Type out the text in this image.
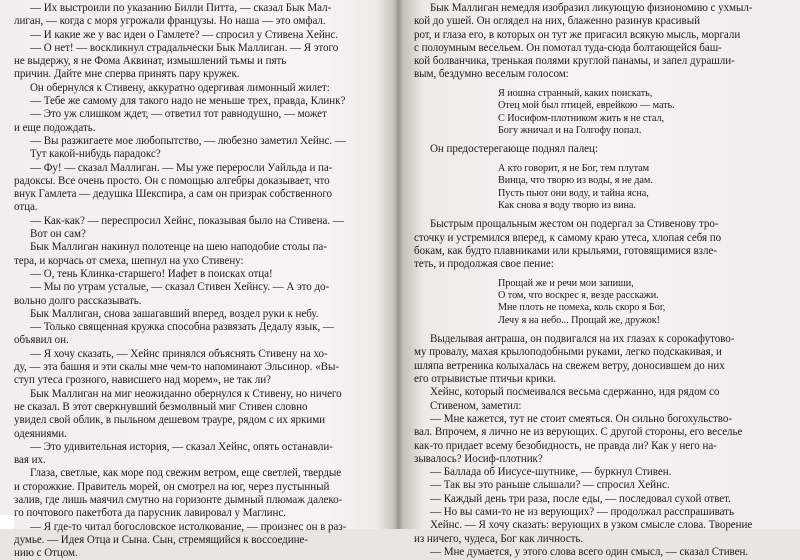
— Их выстроили по указанию Билли Питта, — сказал Бык Мал-
лиган, — когда с моря угрожали французы. Но наша — это омфал.
— И какие же у вас идеи о Гамлете? — спросил у Стивена Хейнс.
— О нет! — воскликнул страдальчески Бык Маллиган. — Я этого
не выдержу, я не Фома Аквинат, измышлений тьмы и пять
причин. Дайте мне сперва принять пару кружек.
Он обернулся к Стивену, аккуратно одергивая лимонный жилет:
— Тебе же самому для такого надо не меньше трех, правда, Клинк?
— Это уж слишком ждет, — ответил тот равнодушно, — может
и еще подождать.
— Вы разжигаете мое любопытство, — любезно заметил Хейнс. —
Тут какой-нибудь парадокс?
— Фу! — сказал Маллиган. — Мы уже переросли Уайльда и па-
радоксы. Все очень просто. Он с помощью алгебры доказывает, что
внук Гамлета — дедушка Шекспира, а сам он призрак собственного
отца.
— Как-как? — переспросил Хейнс, показывая было на Стивена. —
Вот он сам?
Бык Маллиган накинул полотенце на шею наподобие столы па-
тера, и корчась от смеха, шепнул на ухо Стивену:
— О, тень Клинка-старшего! Иафет в поисках отца!
— Мы по утрам усталые, — сказал Стивен Хейнсу. — А это до-
вольно долго рассказывать.
Бык Маллиган, снова зашагавший вперед, воздел руки к небу.
— Только священная кружка способна развязать Дедалу язык, —
объявил он.
— Я хочу сказать, — Хейнс принялся объяснять Стивену на хо-
ду, — эта башня и эти скалы мне чем-то напоминают Эльсинор. «Вы-
ступ утеса грозного, нависшего над морем», не так ли?
Бык Маллиган на миг неожиданно обернулся к Стивену, но ничего
не сказал. В этот сверкнувший безмолвный миг Стивен словно
увидел свой облик, в пыльном дешевом трауре, рядом с их яркими
одеяниями.
— Это удивительная история, — сказал Хейнс, опять останавли-
вая их.
Глаза, светлые, как море под свежим ветром, еще светлей, твердые
и сторожкие. Правитель морей, он смотрел на юг, через пустынный
залив, где лишь маячил смутно на горизонте дымный плюмаж далеко-
го почтового пакетбота да парусник лавировал у Маглинс.
— Я где-то читал богословское истолкование, — произнес он в раз-
думье. — Идея Отца и Сына. Сын, стремящийся к воссоедине-
нию с Отцом.
Бык Маллиган немедля изобразил ликующую физиономию с ухмыл-
кой до ушей. Он оглядел на них, блаженно разинув красивый
рот, и глаза его, в которых он тут же пригасил всякую мысль, моргали
с полоумным весельем. Он помотал туда-сюда болтающейся баш-
кой болванчика, тренькая полями круглой панамы, и запел дурашли-
вым, бездумно веселым голосом:
Я иошна странный, каких поискать,
Отец мой был птицей, еврейкою — мать.
С Иосифом-плотником жить я не стал,
Богу жничал и на Голгофу попал.
Он предостерегающе поднял палец:
А кто говорит, я не Бог, тем плутам
Винца, что творю из воды, я не дам.
Пусть пьют они воду, и тайна ясна,
Как снова я воду творю из вина.
Быстрым прощальным жестом он подергал за Стивенову тро-
сточку и устремился вперед, к самому краю утеса, хлопая себя по
бокам, как будто плавниками или крыльями, готовящимися взле-
теть, и продолжая свое пение:
Прощай же и речи мои запиши,
О том, что воскрес я, везде расскажи.
Мне плоть не помеха, коль скоро я Бог,
Лечу я на небо... Прощай же, дружок!
Выделывая антраша, он подвигался на их глазах к сорокафутово-
му провалу, махая крылоподобными руками, легко подскакивая, и
шляпа ветреника колыхалась на свежем ветру, доносившем до них
его отрывистые птичьи крики.
Хейнс, который посмеивался весьма сдержанно, идя рядом со
Стивеном, заметил:
— Мне кажется, тут не стоит смеяться. Он сильно богохульство-
вал. Впрочем, я лично не из верующих. С другой стороны, его веселье
как-то придает всему безобидность, не правда ли? Как у него на-
зывалось? Иосиф-плотник?
— Баллада об Иисусе-шутнике, — буркнул Стивен.
— Так вы это раньше слышали? — спросил Хейнс.
— Каждый день три раза, после еды, — последовал сухой ответ.
— Но вы сами-то не из верующих? — продолжал расспрашивать
Хейнс. — Я хочу сказать: верующих в узком смысле слова. Творение
из ничего, чудеса, Бог как личность.
— Мне думается, у этого слова всего один смысл, — сказал Стивен.
